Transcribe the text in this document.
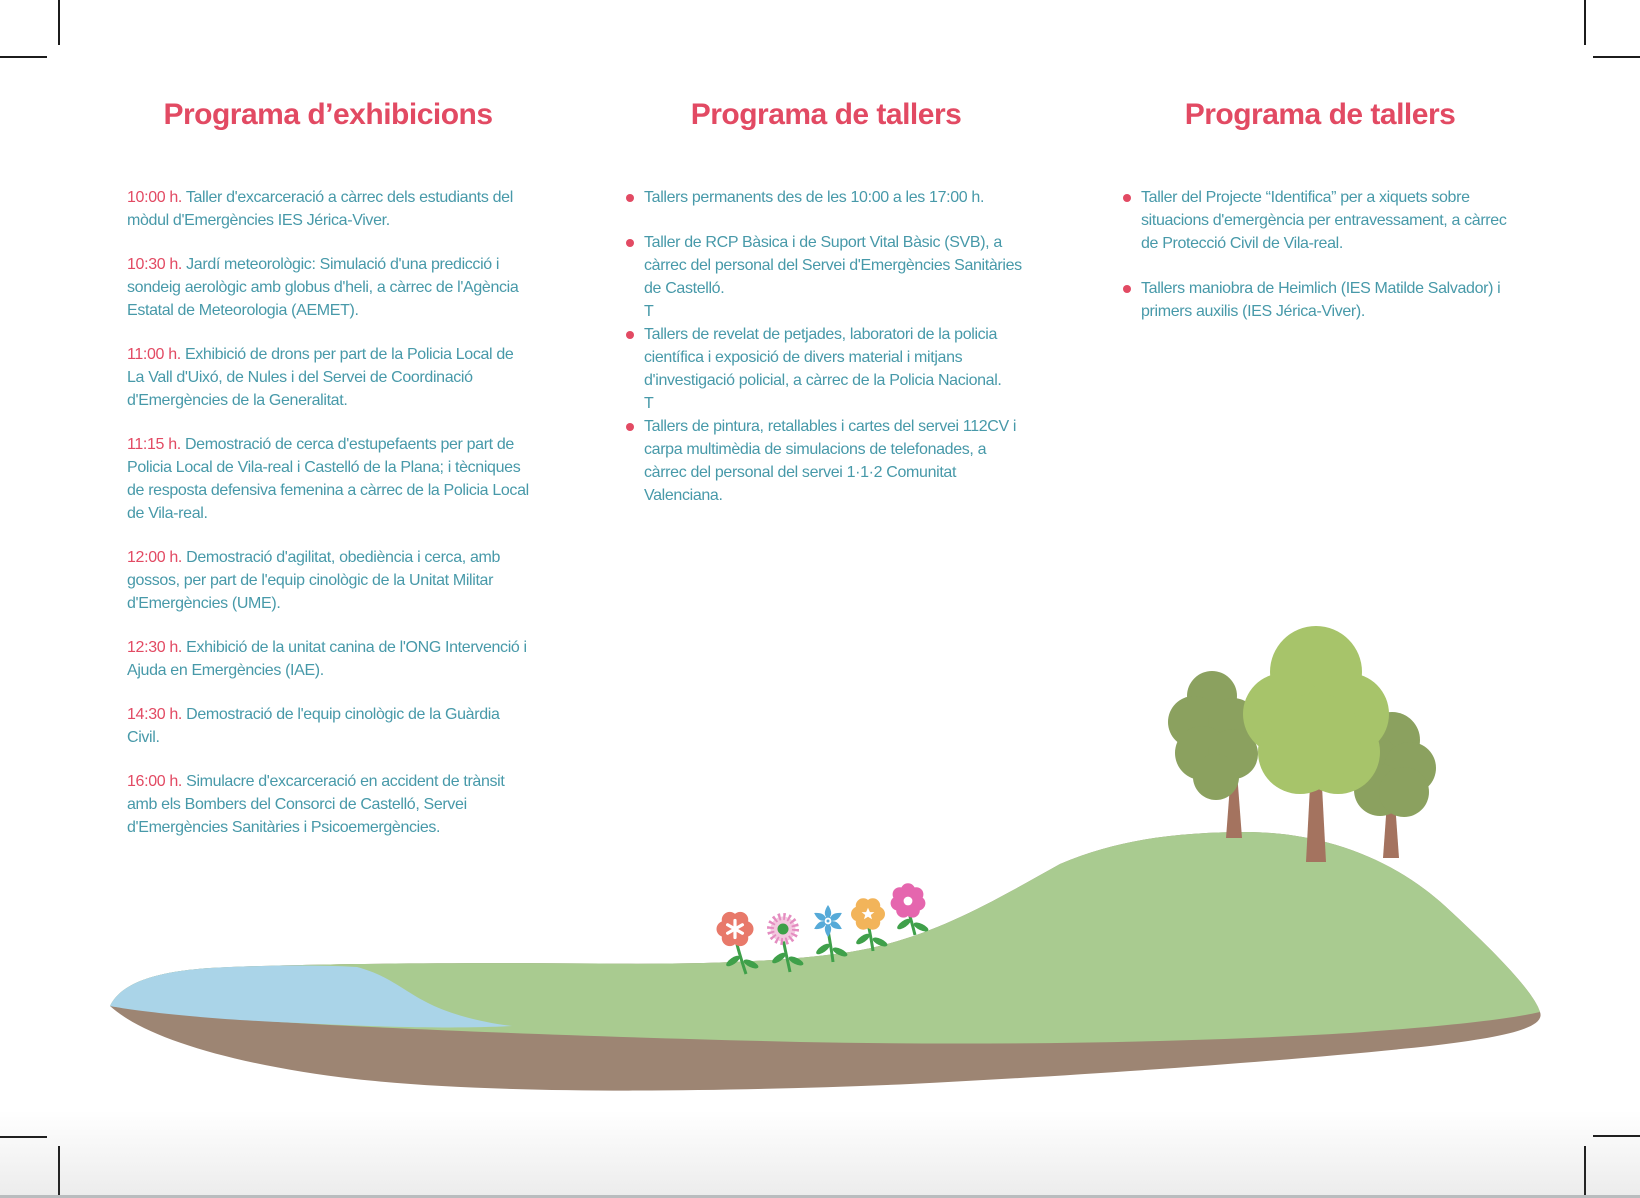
Programa d’exhibicions

10:00 h. Taller d'excarceració a càrrec dels estudiants del mòdul d'Emergències IES Jérica-Viver.

10:30 h. Jardí meteorològic: Simulació d'una predicció i sondeig aerològic amb globus d'heli, a càrrec de l'Agència Estatal de Meteorologia (AEMET).

11:00 h. Exhibició de drons per part de la Policia Local de La Vall d'Uixó, de Nules i del Servei de Coordinació d'Emergències de la Generalitat.

11:15 h. Demostració de cerca d'estupefaents per part de Policia Local de Vila-real i Castelló de la Plana; i tècniques de resposta defensiva femenina a càrrec de la Policia Local de Vila-real.

12:00 h. Demostració d'agilitat, obediència i cerca, amb gossos, per part de l'equip cinològic de la Unitat Militar d'Emergències (UME).

12:30 h. Exhibició de la unitat canina de l'ONG Intervenció i Ajuda en Emergències (IAE).

14:30 h. Demostració de l'equip cinològic de la Guàrdia Civil.

16:00 h. Simulacre d'excarceració en accident de trànsit amb els Bombers del Consorci de Castelló, Servei d'Emergències Sanitàries i Psicoemergències.

Programa de tallers

Tallers permanents des de les 10:00 a les 17:00 h.

Taller de RCP Bàsica i de Suport Vital Bàsic (SVB), a càrrec del personal del Servei d'Emergències Sanitàries de Castelló.

T

Tallers de revelat de petjades, laboratori de la policia científica i exposició de divers material i mitjans d'investigació policial, a càrrec de la Policia Nacional.

T

Tallers de pintura, retallables i cartes del servei 112CV i carpa multimèdia de simulacions de telefonades, a càrrec del personal del servei 1·1·2 Comunitat Valenciana.

Programa de tallers

Taller del Projecte “Identifica” per a xiquets sobre situacions d'emergència per entravessament, a càrrec de Protecció Civil de Vila-real.

Tallers maniobra de Heimlich (IES Matilde Salvador) i primers auxilis (IES Jérica-Viver).
